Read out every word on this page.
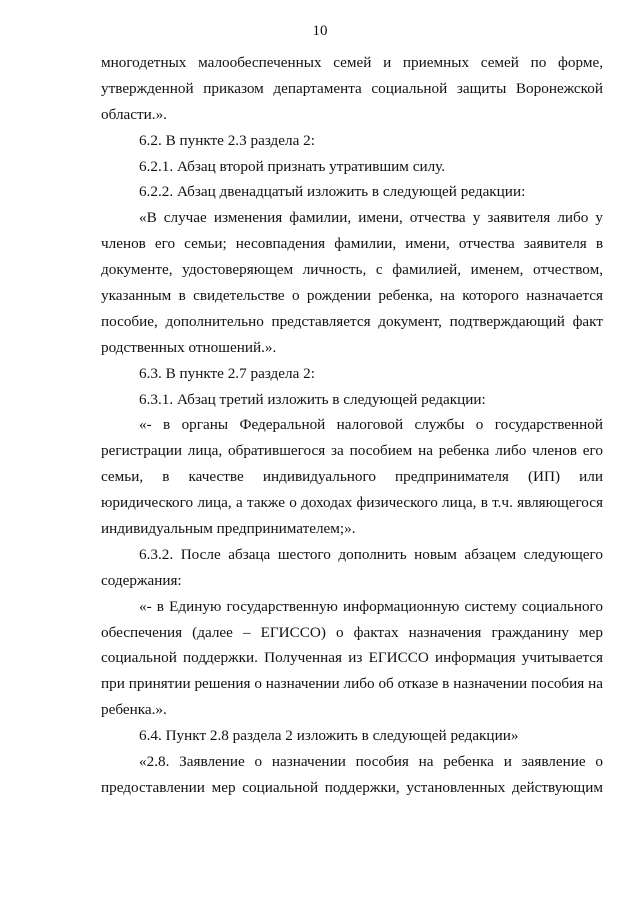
10
многодетных малообеспеченных семей и приемных семей по форме,
утвержденной приказом департамента социальной защиты Воронежской
области.».
6.2. В пункте 2.3 раздела 2:
6.2.1. Абзац второй признать утратившим силу.
6.2.2. Абзац двенадцатый изложить в следующей редакции:
«В случае изменения фамилии, имени, отчества у заявителя либо у
членов его семьи; несовпадения фамилии, имени, отчества заявителя в
документе, удостоверяющем личность, с фамилией, именем, отчеством,
указанным в свидетельстве о рождении ребенка, на которого назначается
пособие, дополнительно представляется документ, подтверждающий факт
родственных отношений.».
6.3. В пункте 2.7 раздела 2:
6.3.1. Абзац третий изложить в следующей редакции:
«- в органы Федеральной налоговой службы о государственной
регистрации лица, обратившегося за пособием на ребенка либо членов его
семьи, в качестве индивидуального предпринимателя (ИП) или
юридического лица, а также о доходах физического лица, в т.ч. являющегося
индивидуальным предпринимателем;».
6.3.2. После абзаца шестого дополнить новым абзацем следующего
содержания:
«- в Единую государственную информационную систему социального
обеспечения (далее – ЕГИССО) о фактах назначения гражданину мер
социальной поддержки. Полученная из ЕГИССО информация учитывается
при принятии решения о назначении либо об отказе в назначении пособия на
ребенка.».
6.4. Пункт 2.8 раздела 2 изложить в следующей редакции»
«2.8. Заявление о назначении пособия на ребенка и заявление о
предоставлении мер социальной поддержки, установленных действующим
